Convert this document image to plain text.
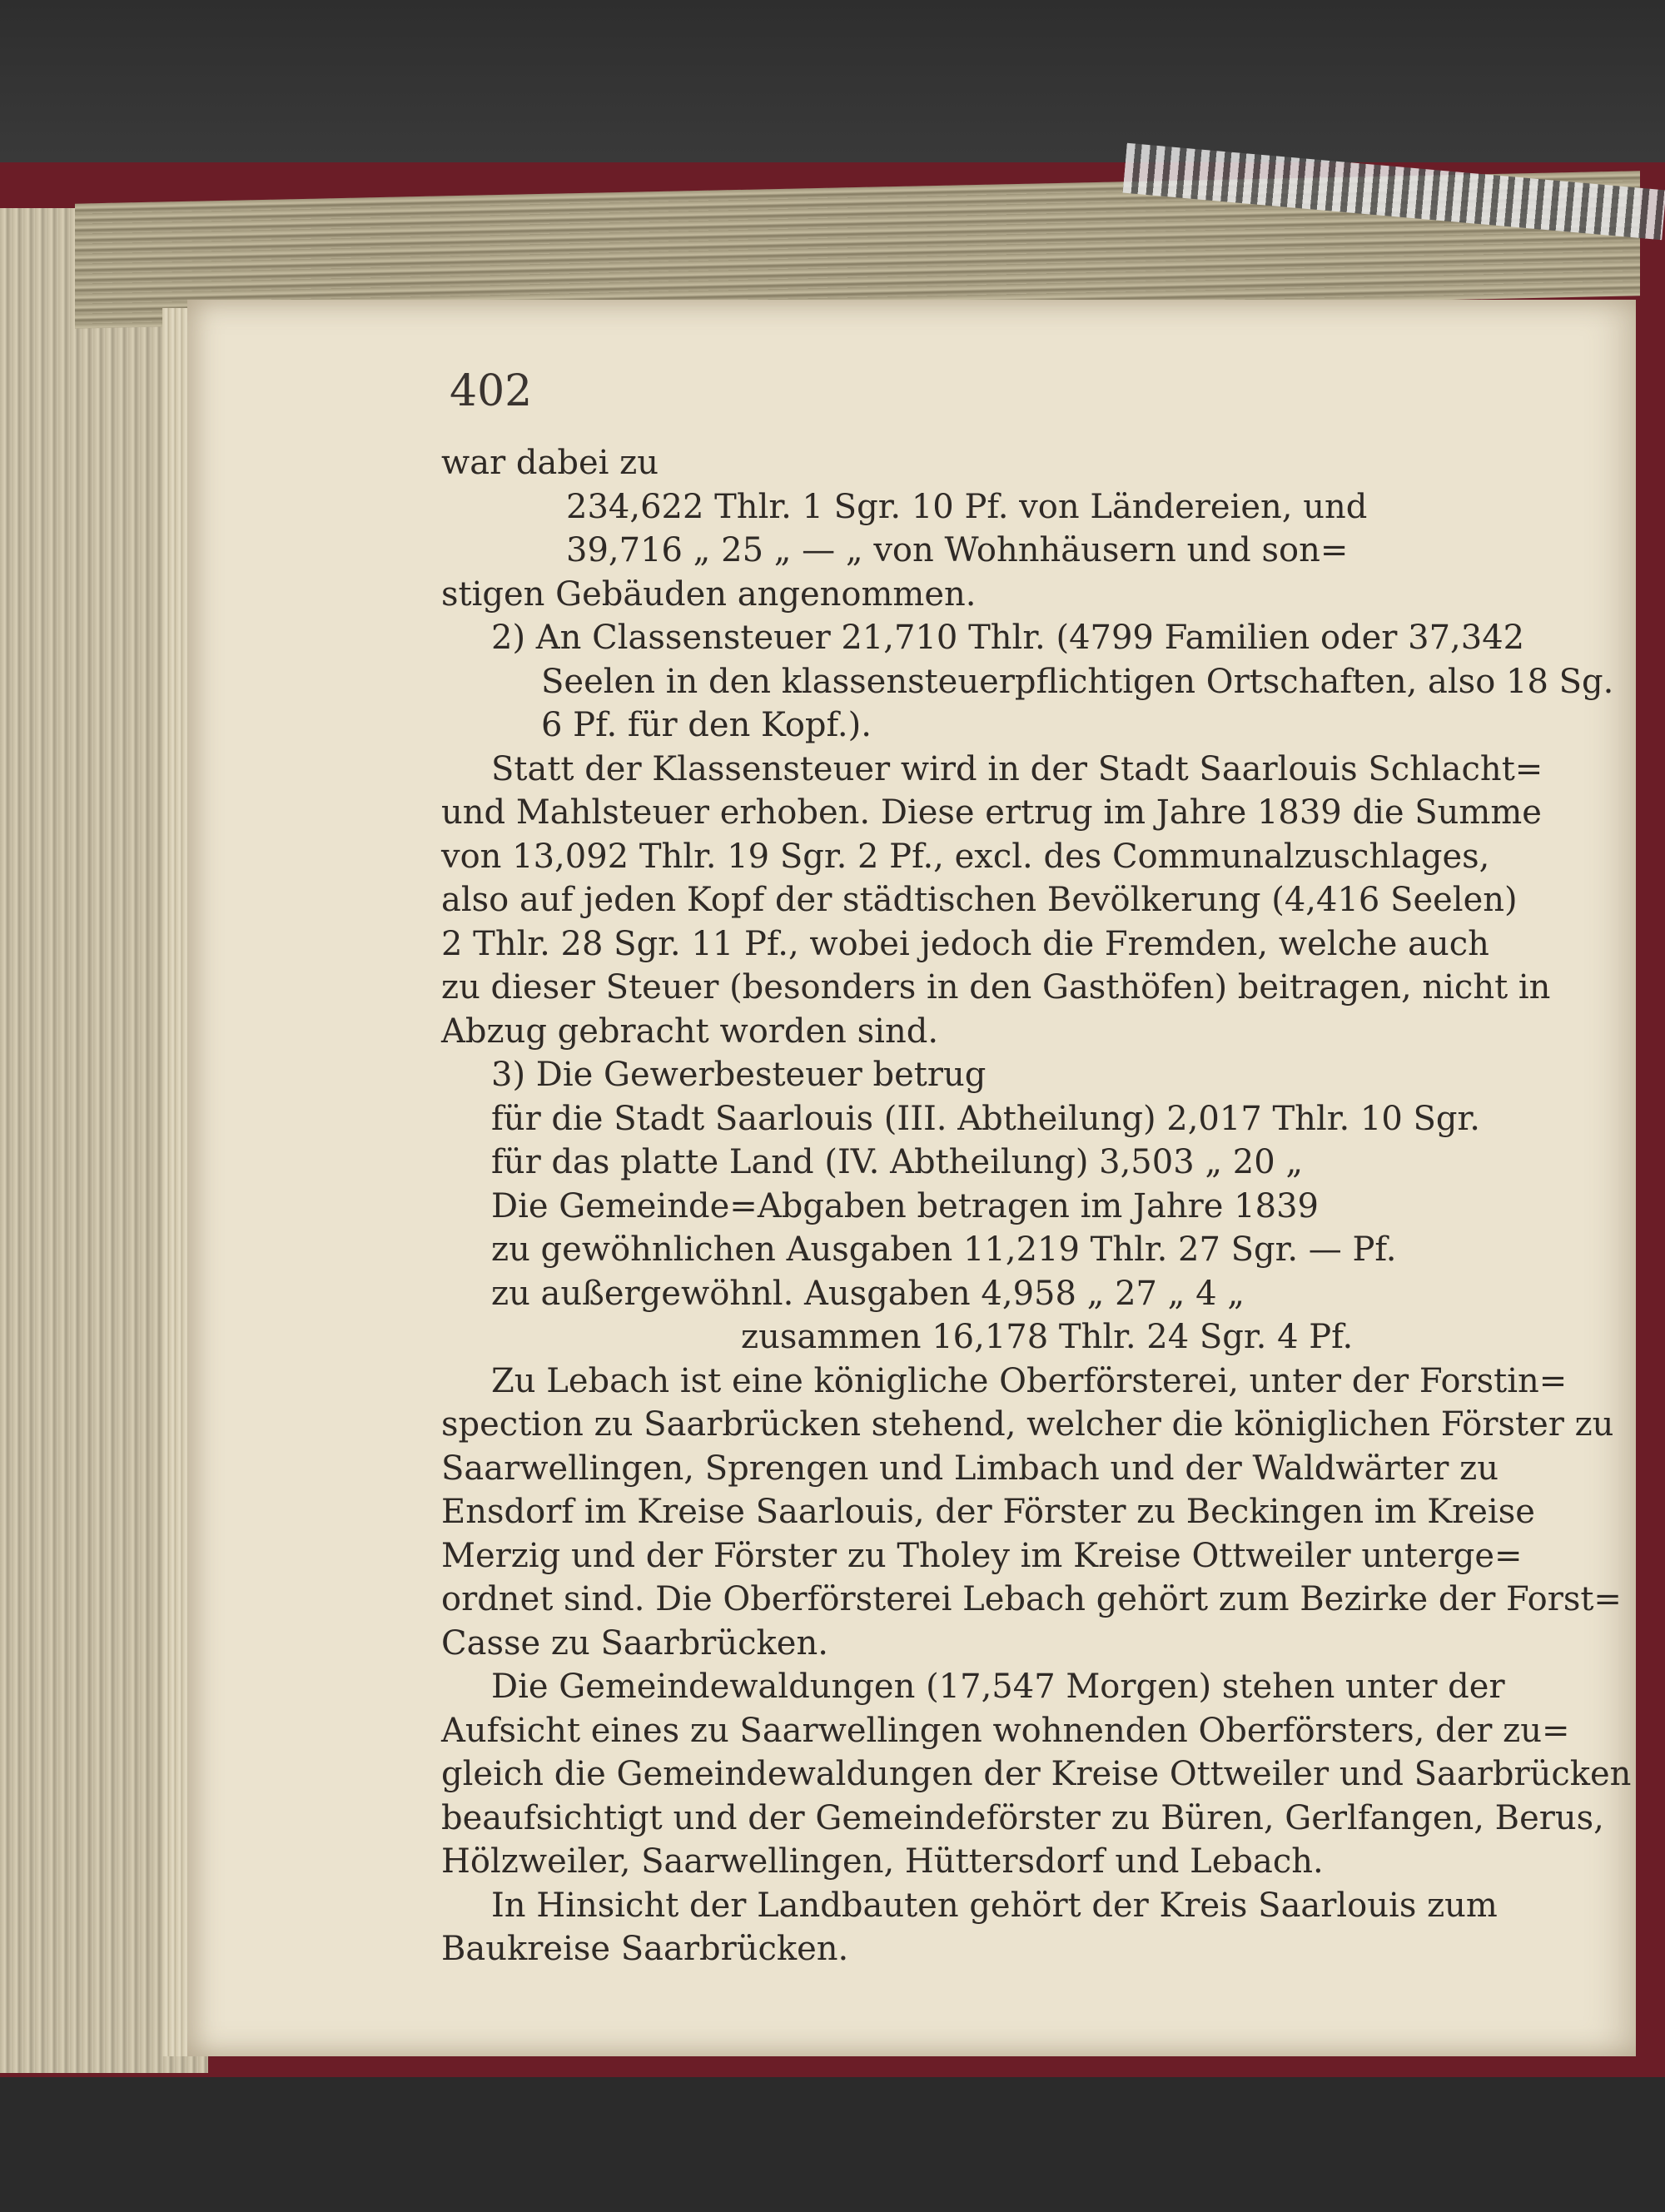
402
war dabei zu
234,622 Thlr. 1 Sgr. 10 Pf. von Ländereien, und
39,716 „ 25 „ — „ von Wohnhäusern und son=
stigen Gebäuden angenommen.
2) An Classensteuer 21,710 Thlr. (4799 Familien oder 37,342
Seelen in den klassensteuerpflichtigen Ortschaften, also 18 Sg.
6 Pf. für den Kopf.).
Statt der Klassensteuer wird in der Stadt Saarlouis Schlacht=
und Mahlsteuer erhoben. Diese ertrug im Jahre 1839 die Summe
von 13,092 Thlr. 19 Sgr. 2 Pf., excl. des Communalzuschlages,
also auf jeden Kopf der städtischen Bevölkerung (4,416 Seelen)
2 Thlr. 28 Sgr. 11 Pf., wobei jedoch die Fremden, welche auch
zu dieser Steuer (besonders in den Gasthöfen) beitragen, nicht in
Abzug gebracht worden sind.
3) Die Gewerbesteuer betrug
für die Stadt Saarlouis (III. Abtheilung) 2,017 Thlr. 10 Sgr.
für das platte Land (IV. Abtheilung) 3,503 „ 20 „
Die Gemeinde=Abgaben betragen im Jahre 1839
zu gewöhnlichen Ausgaben 11,219 Thlr. 27 Sgr. — Pf.
zu außergewöhnl. Ausgaben 4,958 „ 27 „ 4 „
zusammen 16,178 Thlr. 24 Sgr. 4 Pf.
Zu Lebach ist eine königliche Oberförsterei, unter der Forstin=
spection zu Saarbrücken stehend, welcher die königlichen Förster zu
Saarwellingen, Sprengen und Limbach und der Waldwärter zu
Ensdorf im Kreise Saarlouis, der Förster zu Beckingen im Kreise
Merzig und der Förster zu Tholey im Kreise Ottweiler unterge=
ordnet sind. Die Oberförsterei Lebach gehört zum Bezirke der Forst=
Casse zu Saarbrücken.
Die Gemeindewaldungen (17,547 Morgen) stehen unter der
Aufsicht eines zu Saarwellingen wohnenden Oberförsters, der zu=
gleich die Gemeindewaldungen der Kreise Ottweiler und Saarbrücken
beaufsichtigt und der Gemeindeförster zu Büren, Gerlfangen, Berus,
Hölzweiler, Saarwellingen, Hüttersdorf und Lebach.
In Hinsicht der Landbauten gehört der Kreis Saarlouis zum
Baukreise Saarbrücken.
